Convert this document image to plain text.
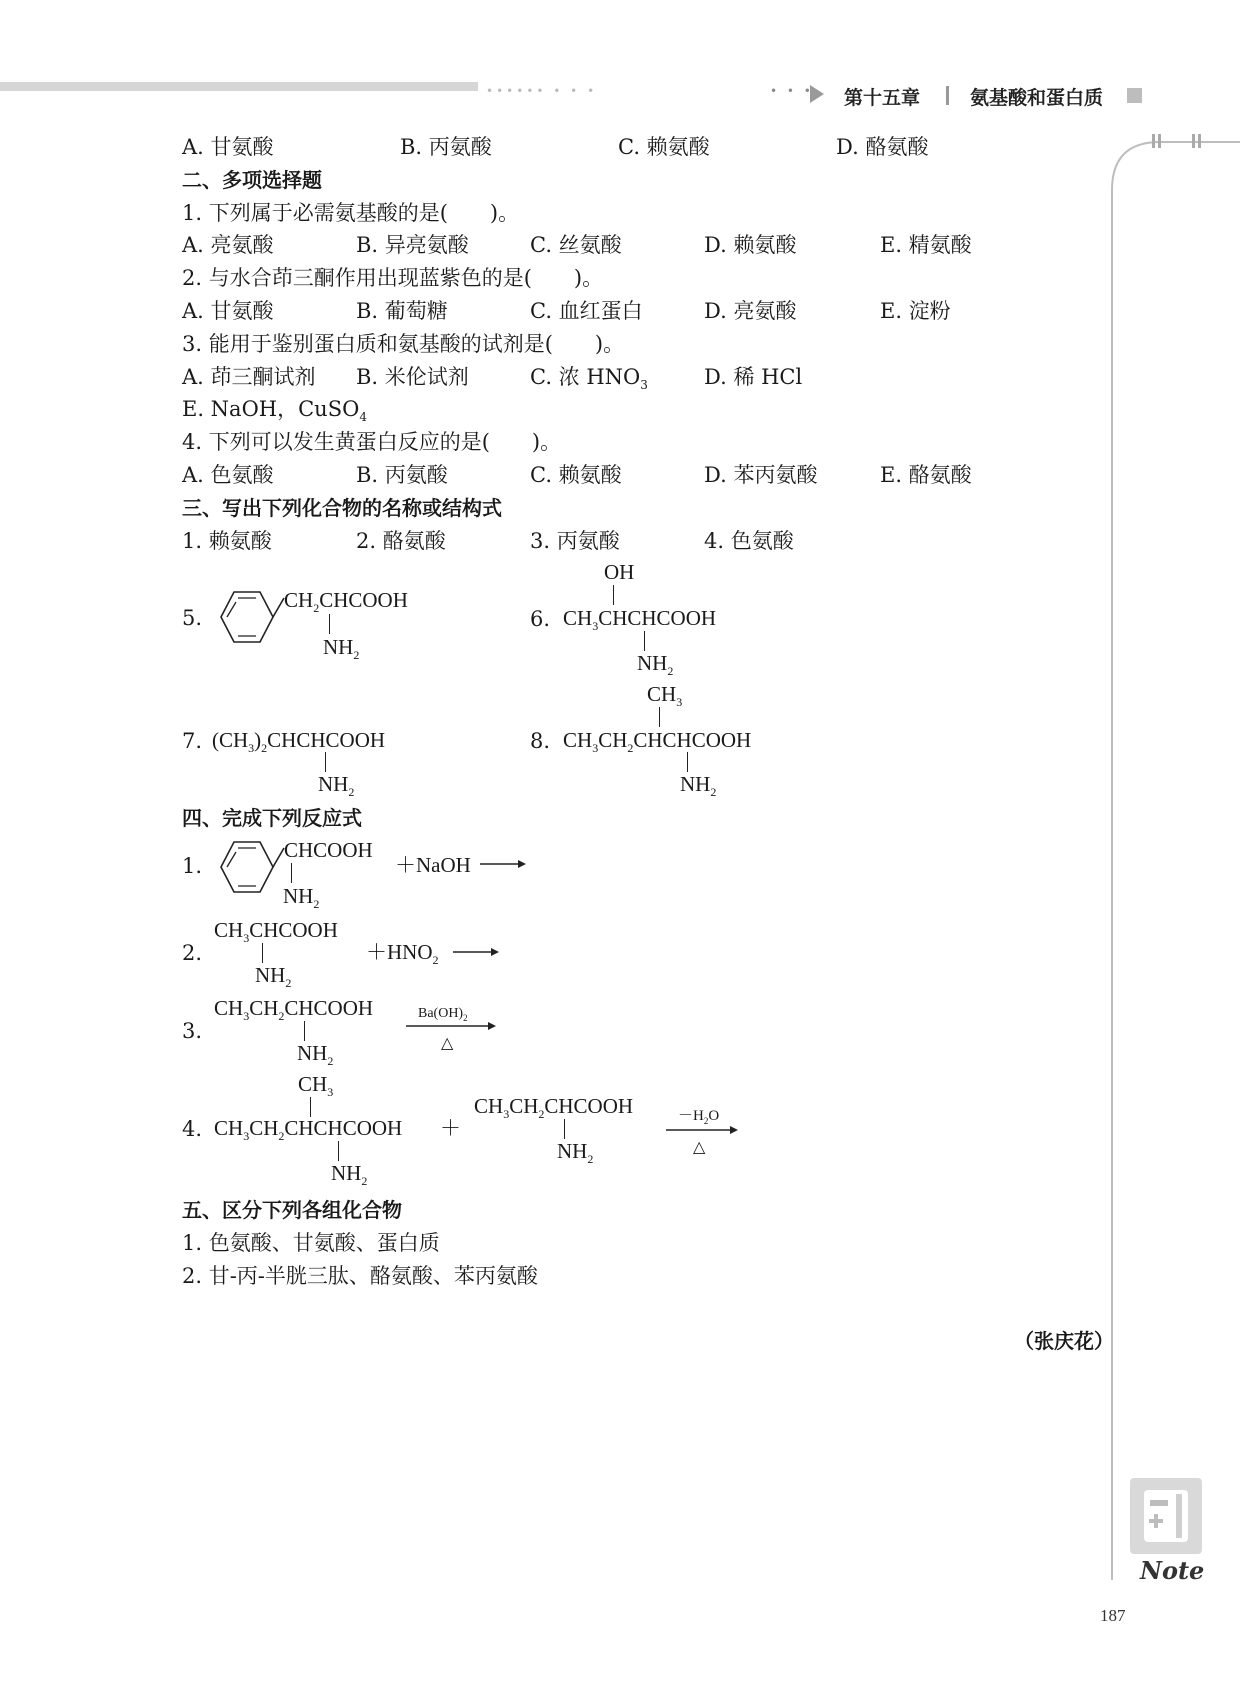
•••••• • • •	• • • 第十五章	氨基酸和蛋白质
A. 甘氨酸	B. 丙氨酸	C. 赖氨酸	D. 酪氨酸
二、多项选择题
1. 下列属于必需氨基酸的是(　　)。
A. 亮氨酸	B. 异亮氨酸	C. 丝氨酸	D. 赖氨酸	E. 精氨酸
2. 与水合茚三酮作用出现蓝紫色的是(　　)。
A. 甘氨酸	B. 葡萄糖	C. 血红蛋白	D. 亮氨酸	E. 淀粉
3. 能用于鉴别蛋白质和氨基酸的试剂是(　　)。
A. 茚三酮试剂 B. 米伦试剂	C. 浓 $HNO_3$	D. 稀 HCl
E. NaOH，CuSO$_4$
4. 下列可以发生黄蛋白反应的是(　　)。
A. 色氨酸	B. 丙氨酸	C. 赖氨酸	D. 苯丙氨酸	E. 酪氨酸
三、写出下列化合物的名称或结构式
1. 赖氨酸	2. 酪氨酸	3. 丙氨酸	4. 色氨酸
5.
$CH_2CHCOOH$
$NH_2$
6.
OH
$CH_3CHCHCOOH$
$NH_2$
7. $(CH_3)_2CHCHCOOH$
$NH_2$
8.
$CH_3$
$CH_3CH_2CHCHCOOH$
$NH_2$
四、完成下列反应式
1.
CHCOOH
$NH_2$
＋NaOH
2.
$CH_3CHCOOH$
$NH_2$
$+HNO_2$
3.
$CH_3CH_2CHCOOH$
$NH_2$
$Ba(OH)_2$
△
4.
$CH_3$
$CH_3CH_2CHCHCOOH$
$NH_2$
＋
$CH_3CH_2CHCOOH$
$NH_2$
$-H_2O$
△
五、区分下列各组化合物
1. 色氨酸、甘氨酸、蛋白质
2. 甘-丙-半胱三肽、酪氨酸、苯丙氨酸
（张庆花）
Note
187
